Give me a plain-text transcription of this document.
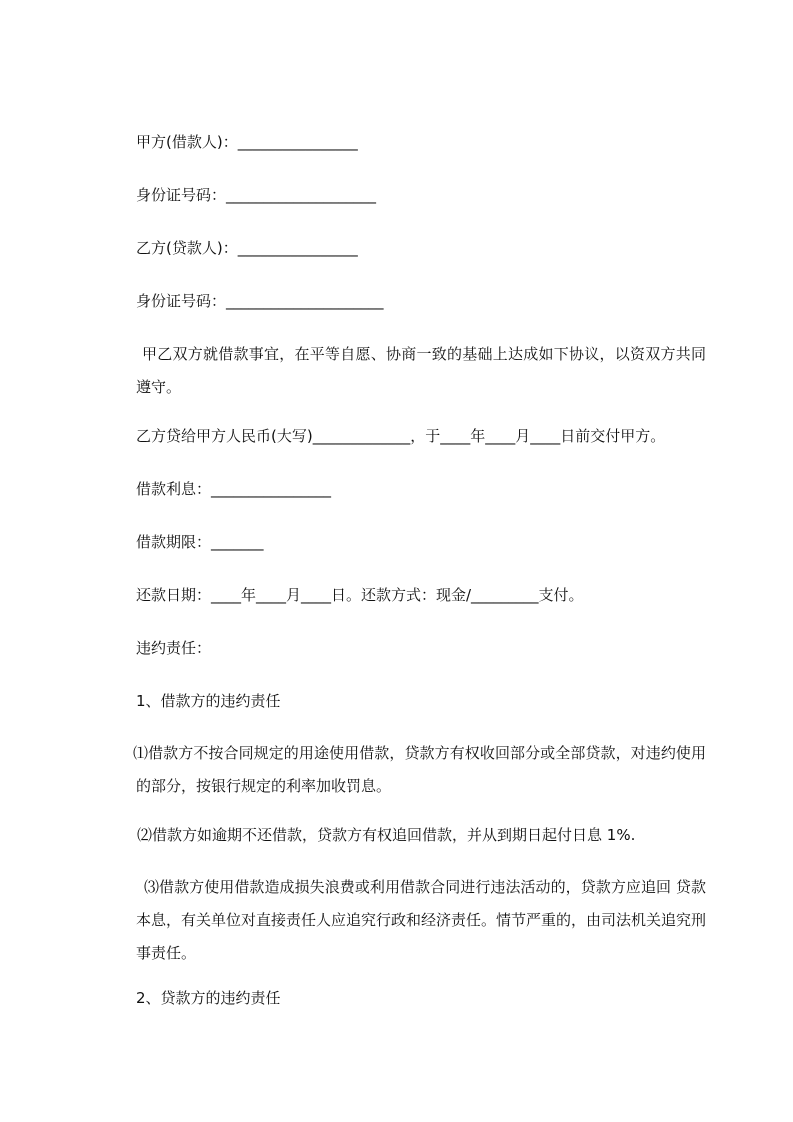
甲方(借款人)：________________
身份证号码：____________________
乙方(贷款人)：________________
身份证号码：_____________________
甲乙双方就借款事宜，在平等自愿、协商一致的基础上达成如下协议，以资双方共同遵守。
乙方贷给甲方人民币(大写)_____________，于____年____月____日前交付甲方。
借款利息：________________
借款期限：_______
还款日期：____年____月____日。还款方式：现金/_________支付。
违约责任：
1、借款方的违约责任
⑴借款方不按合同规定的用途使用借款，贷款方有权收回部分或全部贷款，对违约使用的部分，按银行规定的利率加收罚息。
⑵借款方如逾期不还借款，贷款方有权追回借款，并从到期日起付日息 1%.
⑶借款方使用借款造成损失浪费或利用借款合同进行违法活动的，贷款方应追回 贷款本息，有关单位对直接责任人应追究行政和经济责任。情节严重的，由司法机关追究刑事责任。
2、贷款方的违约责任
